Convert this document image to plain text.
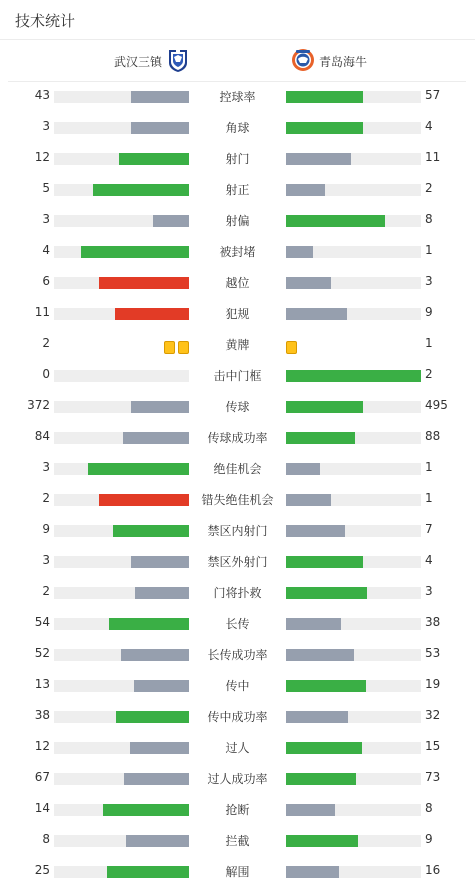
技术统计
武汉三镇	青岛海牛
43	控球率	57
3	角球	4
12	射门	11
5	射正	2
3	射偏	8
4	被封堵	1
6	越位	3
11	犯规	9
2	黄牌	1
0	击中门框	2
372	传球	495
84	传球成功率	88
3	绝佳机会	1
2	错失绝佳机会	1
9	禁区内射门	7
3	禁区外射门	4
2	门将扑救	3
54	长传	38
52	长传成功率	53
13	传中	19
38	传中成功率	32
12	过人	15
67	过人成功率	73
14	抢断	8
8	拦截	9
25	解围	16
